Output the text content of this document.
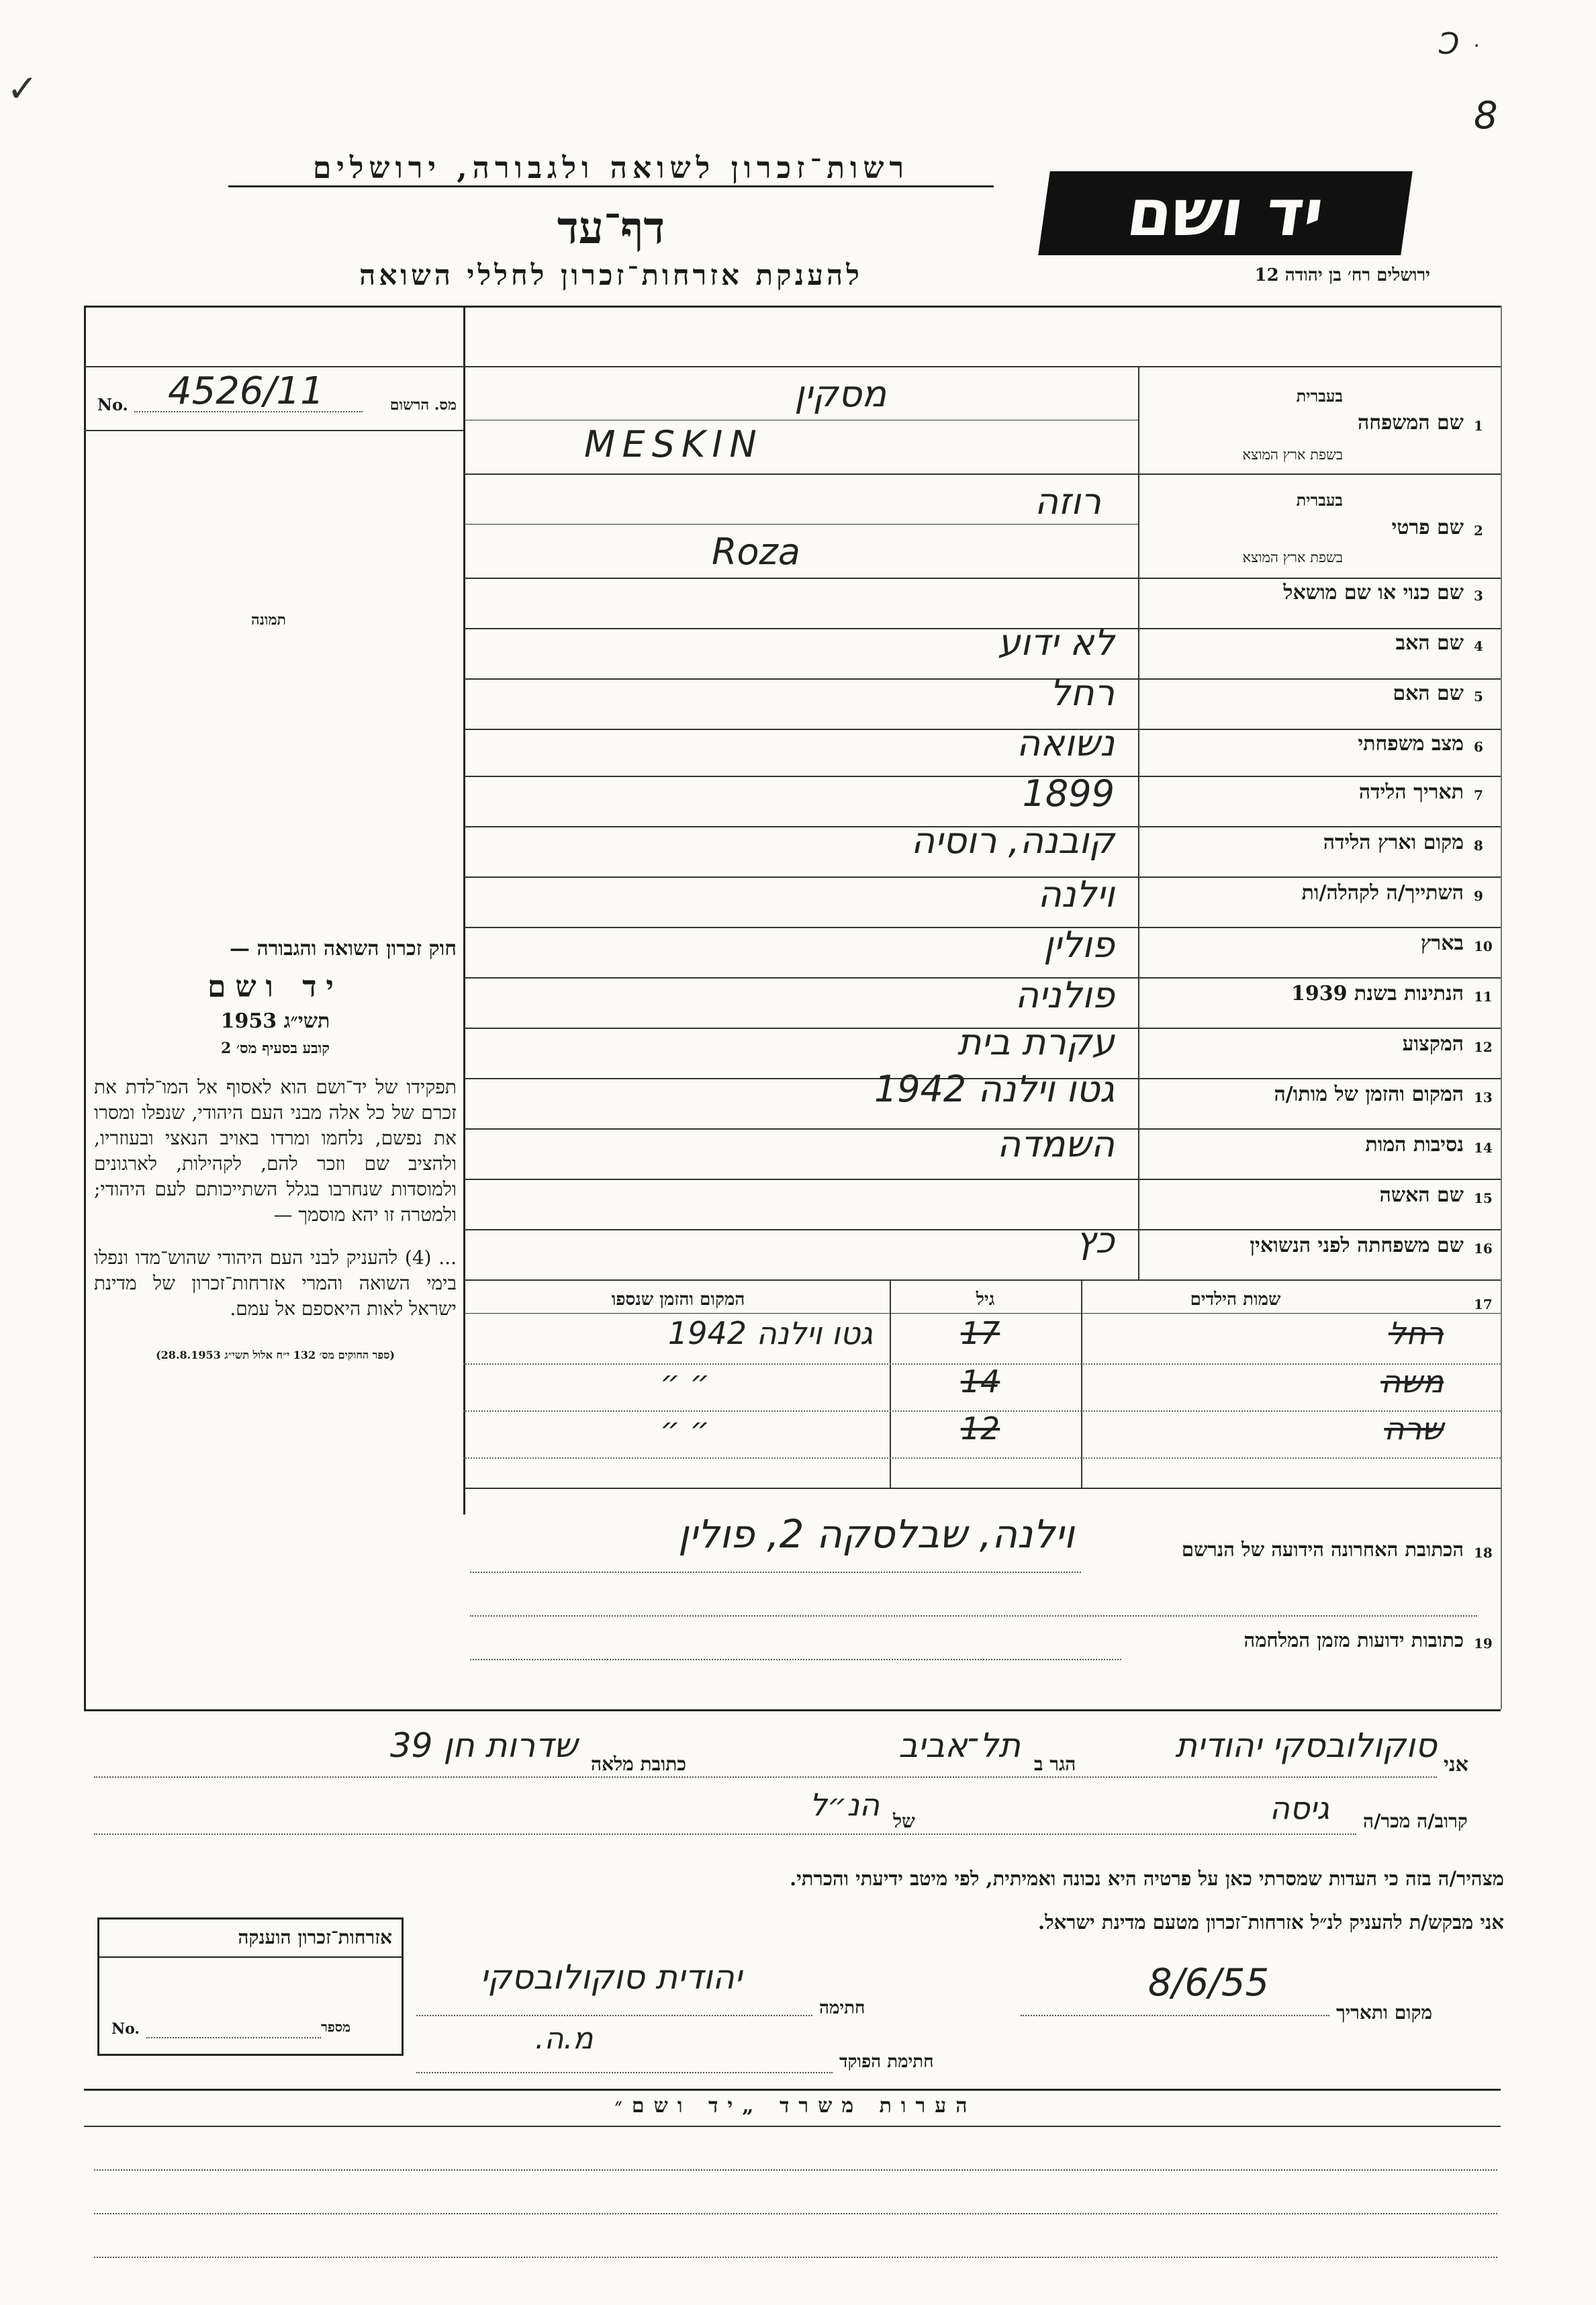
Ͻ ּ ּ
8
✓
רשות־זכרון לשואה ולגבורה, ירושלים
דף־עד
להענקת אזרחות־זכרון לחללי השואה
יד ושם
ירושלים רח׳ בן יהודה 12
No. 4526/11	מס. הרשום
תמונה
1
שם המשפחה
בעברית
בשפת ארץ המוצא
מסקין
MESKIN
2
שם פרטי
בעברית
בשפת ארץ המוצא
רוזה
Roza
3
שם כנוי או שם מושאל
4
שם האב
לא ידוע
5
שם האם
רחל
6
מצב משפחתי
נשואה
7
תאריך הלידה
1899
8
מקום וארץ הלידה
קובנה, רוסיה
9
השתייך/ה לקהלה/ות
וילנה
10
בארץ
פולין
11
הנתינות בשנת 1939
פולניה
12
המקצוע
עקרת בית
13
המקום והזמן של מותו/ה
גטו וילנה 1942
14
נסיבות המות
השמדה
15
שם האשה
16
שם משפחתה לפני הנשואין
כץ
17
שמות הילדים
גיל
המקום והזמן שנספו
רחל
17
גטו וילנה 1942
משה
14
״ ״
שרה
12
״ ״
חוק זכרון השואה והגבורה —
יד ושם
תשי״ג 1953
קובע בסעיף מס׳ 2
תפקידו של יד־ושם הוא לאסוף אל המו־לדת את זכרם של כל אלה מבני העם היהודי, שנפלו ומסרו את נפשם, נלחמו ומרדו באויב הנאצי ובעוזריו, ולהציב שם וזכר להם, לקהילות, לארגונים ולמוסדות שנחרבו בגלל השתייכותם לעם היהודי; ולמטרה זו יהא מוסמך —
... (4) להעניק לבני העם היהודי שהוש־מדו ונפלו בימי השואה והמרי אזרחות־זכרון של מדינת ישראל לאות היאספם אל עמם.
(ספר החוקים מס׳ 132 י״ח אלול תשי״ג 28.8.1953)
18
הכתובת האחרונה הידועה של הנרשם
וילנה, שבלסקה 2, פולין
19
כתובות ידועות מזמן המלחמה
אני
סוקולובסקי יהודית
הגר ב
תל־אביב
כתובת מלאה
שדרות חן 39
קרוב/ה מכר/ה
גיסה
של
הנ״ל
מצהיר/ה בזה כי העדות שמסרתי כאן על פרטיה היא נכונה ואמיתית, לפי מיטב ידיעתי והכרתי.
אני מבקש/ת להעניק לנ״ל אזרחות־זכרון מטעם מדינת ישראל.
מקום ותאריך
8/6/55
חתימה
יהודית סוקולובסקי
חתימת הפוקד
מ.ה.
אזרחות־זכרון הוענקה
No.	מספר
הערות משרד „יד ושם״
